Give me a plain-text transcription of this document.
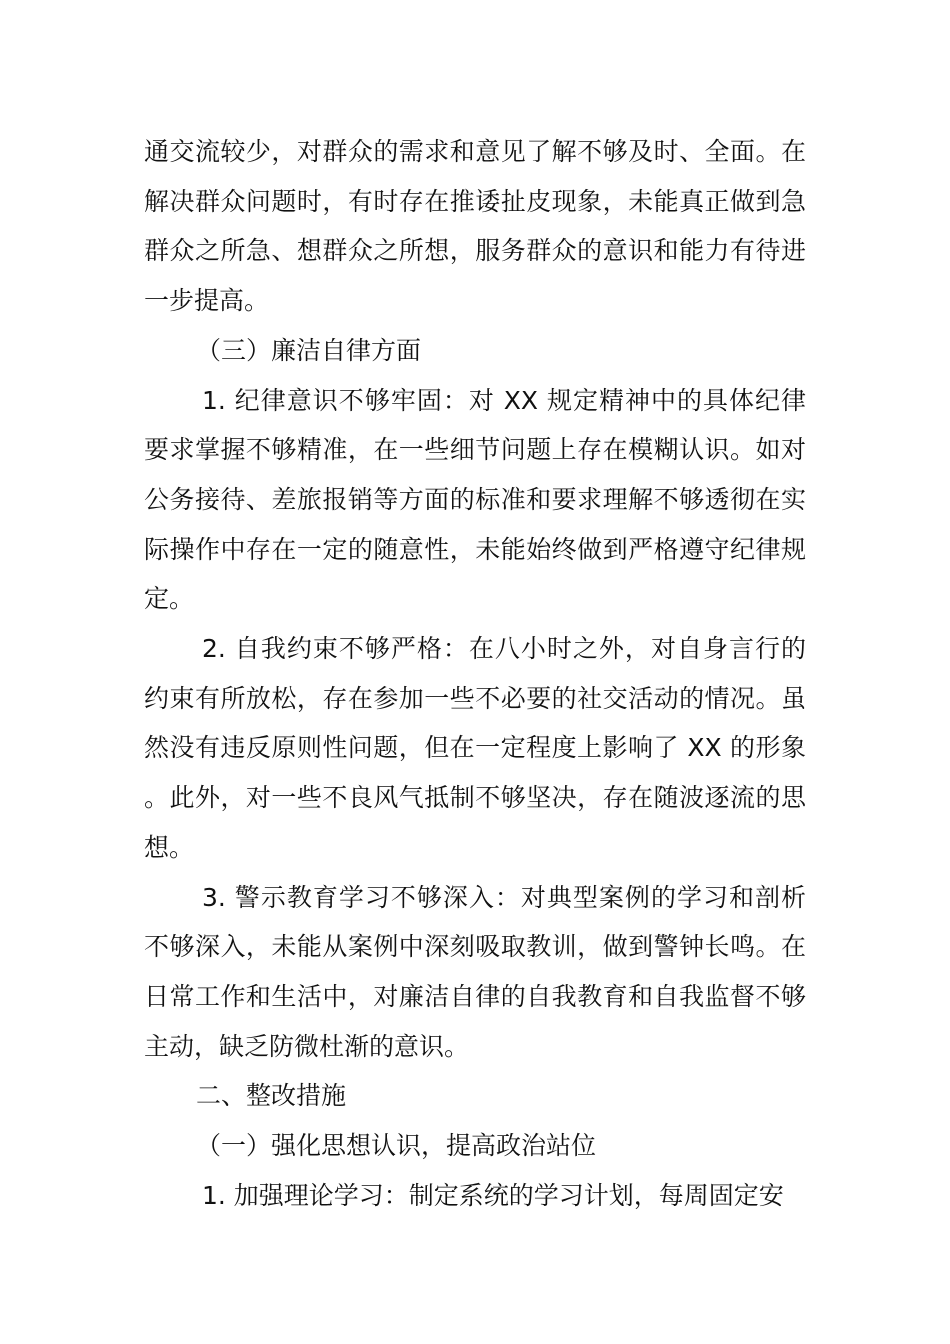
通交流较少，对群众的需求和意见了解不够及时、全面。在解决群众问题时，有时存在推诿扯皮现象，未能真正做到急群众之所急、想群众之所想，服务群众的意识和能力有待进一步提高。

（三）廉洁自律方面

1. 纪律意识不够牢固：对 XX 规定精神中的具体纪律要求掌握不够精准，在一些细节问题上存在模糊认识。如对公务接待、差旅报销等方面的标准和要求理解不够透彻在实际操作中存在一定的随意性，未能始终做到严格遵守纪律规定。

2. 自我约束不够严格：在八小时之外，对自身言行的约束有所放松，存在参加一些不必要的社交活动的情况。虽然没有违反原则性问题，但在一定程度上影响了 XX 的形象。此外，对一些不良风气抵制不够坚决，存在随波逐流的思想。

3. 警示教育学习不够深入：对典型案例的学习和剖析不够深入，未能从案例中深刻吸取教训，做到警钟长鸣。在日常工作和生活中，对廉洁自律的自我教育和自我监督不够主动，缺乏防微杜渐的意识。

二、整改措施

（一）强化思想认识，提高政治站位

1. 加强理论学习：制定系统的学习计划，每周固定安
